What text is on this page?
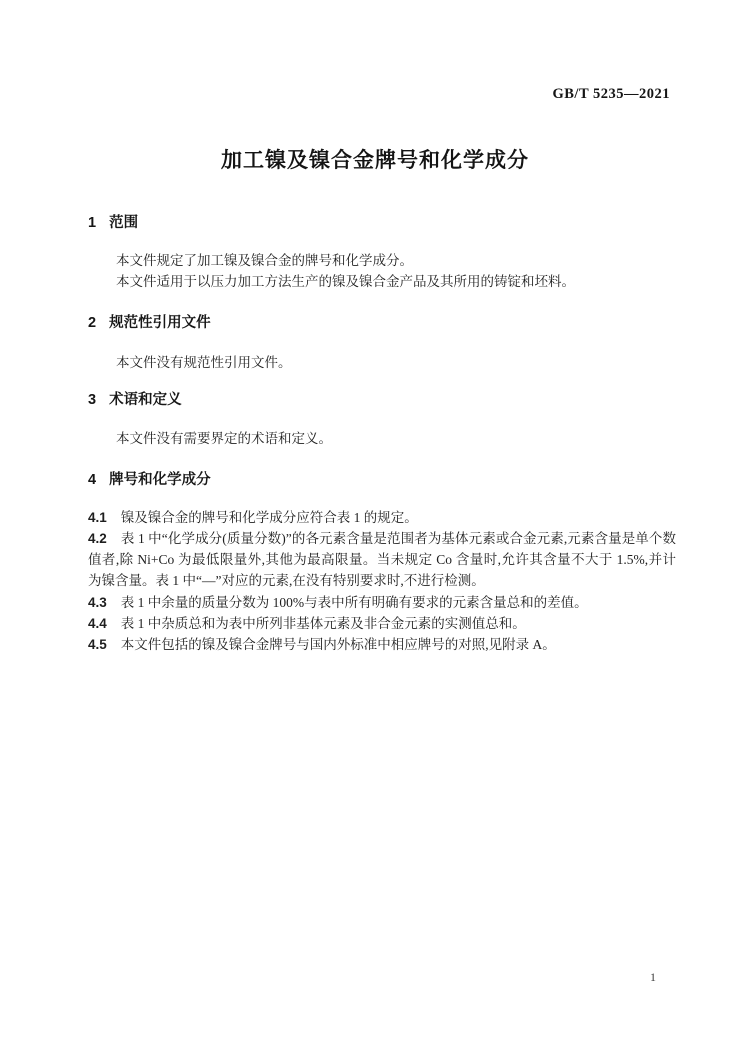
GB/T 5235—2021
加工镍及镍合金牌号和化学成分
1 范围
本文件规定了加工镍及镍合金的牌号和化学成分。
本文件适用于以压力加工方法生产的镍及镍合金产品及其所用的铸锭和坯料。
2 规范性引用文件
本文件没有规范性引用文件。
3 术语和定义
本文件没有需要界定的术语和定义。
4 牌号和化学成分
4.1 镍及镍合金的牌号和化学成分应符合表 1 的规定。
4.2 表 1 中“化学成分(质量分数)”的各元素含量是范围者为基体元素或合金元素,元素含量是单个数
值者,除 Ni+Co 为最低限量外,其他为最高限量。当未规定 Co 含量时,允许其含量不大于 1.5%,并计
为镍含量。表 1 中“—”对应的元素,在没有特别要求时,不进行检测。
4.3 表 1 中余量的质量分数为 100%与表中所有明确有要求的元素含量总和的差值。
4.4 表 1 中杂质总和为表中所列非基体元素及非合金元素的实测值总和。
4.5 本文件包括的镍及镍合金牌号与国内外标准中相应牌号的对照,见附录 A。
1
